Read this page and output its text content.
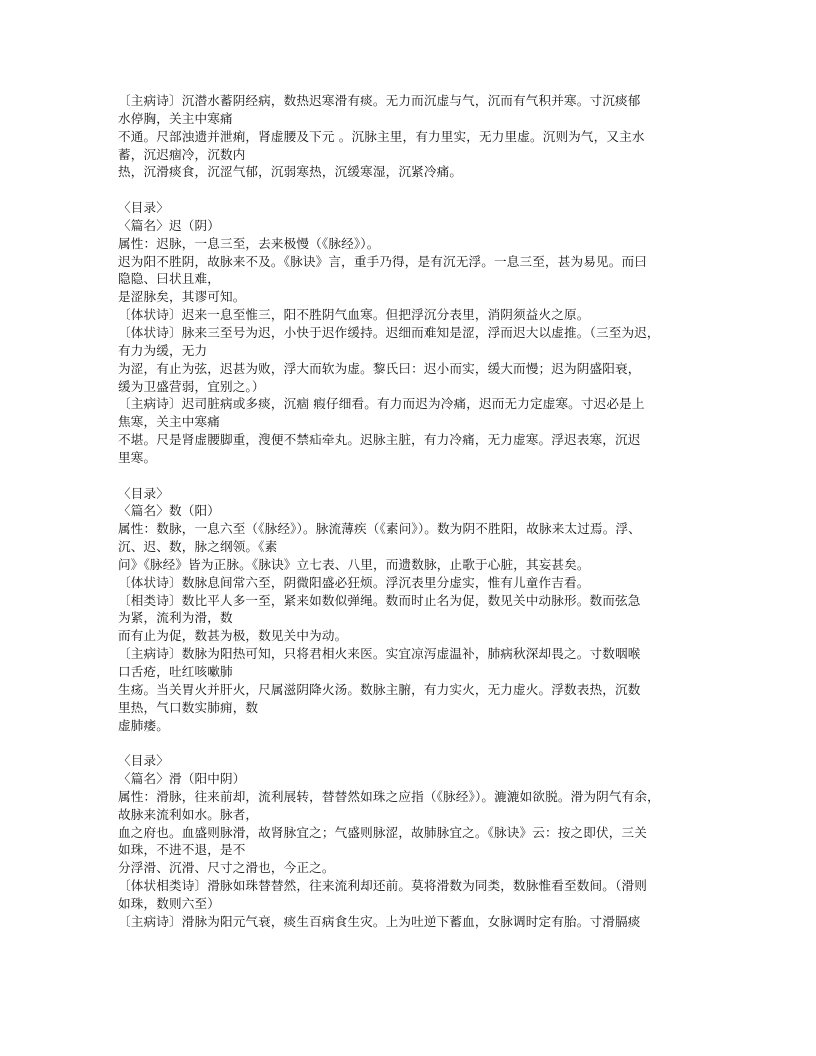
〔主病诗〕沉潜水蓄阴经病，数热迟寒滑有痰。无力而沉虚与气，沉而有气积并寒。寸沉痰郁
水停胸，关主中寒痛
不通。尺部浊遗并泄痢，肾虚腰及下元 。沉脉主里，有力里实，无力里虚。沉则为气，又主水
蓄，沉迟痼冷，沉数内
热，沉滑痰食，沉涩气郁，沉弱寒热，沉缓寒湿，沉紧冷痛。
〈目录〉
〈篇名〉迟（阴）
属性：迟脉，一息三至，去来极慢（《脉经》）。
迟为阳不胜阴，故脉来不及。《脉诀》言，重手乃得，是有沉无浮。一息三至，甚为易见。而曰
隐隐、曰状且难，
是涩脉矣，其谬可知。
〔体状诗〕迟来一息至惟三，阳不胜阴气血寒。但把浮沉分表里，消阴须益火之原。
〔体状诗〕脉来三至号为迟，小快于迟作缓持。迟细而难知是涩，浮而迟大以虚推。（三至为迟，
有力为缓，无力
为涩，有止为弦，迟甚为败，浮大而软为虚。黎氏曰：迟小而实，缓大而慢；迟为阴盛阳衰，
缓为卫盛营弱，宜别之。）
〔主病诗〕迟司脏病或多痰，沉痼 瘕仔细看。有力而迟为冷痛，迟而无力定虚寒。寸迟必是上
焦寒，关主中寒痛
不堪。尺是肾虚腰脚重，溲便不禁疝牵丸。迟脉主脏，有力冷痛，无力虚寒。浮迟表寒，沉迟
里寒。
〈目录〉
〈篇名〉数（阳）
属性：数脉，一息六至（《脉经》）。脉流薄疾（《素问》）。数为阴不胜阳，故脉来太过焉。浮、
沉、迟、数，脉之纲领。《素
问》《脉经》皆为正脉。《脉诀》立七表、八里，而遗数脉，止歌于心脏，其妄甚矣。
〔体状诗〕数脉息间常六至，阴微阳盛必狂烦。浮沉表里分虚实，惟有儿童作吉看。
〔相类诗〕数比平人多一至，紧来如数似弹绳。数而时止名为促，数见关中动脉形。数而弦急
为紧，流利为滑，数
而有止为促，数甚为极，数见关中为动。
〔主病诗〕数脉为阳热可知，只将君相火来医。实宜凉泻虚温补，肺病秋深却畏之。寸数咽喉
口舌疮，吐红咳嗽肺
生疡。当关胃火并肝火，尺属滋阴降火汤。数脉主腑，有力实火，无力虚火。浮数表热，沉数
里热，气口数实肺痈，数
虚肺痿。
〈目录〉
〈篇名〉滑（阳中阴）
属性：滑脉，往来前却，流利展转，替替然如珠之应指（《脉经》）。漉漉如欲脱。滑为阴气有余，
故脉来流利如水。脉者，
血之府也。血盛则脉滑，故肾脉宜之；气盛则脉涩，故肺脉宜之。《脉诀》云：按之即伏，三关
如珠，不进不退，是不
分浮滑、沉滑、尺寸之滑也，今正之。
〔体状相类诗〕滑脉如珠替替然，往来流利却还前。莫将滑数为同类，数脉惟看至数间。（滑则
如珠，数则六至）
〔主病诗〕滑脉为阳元气衰，痰生百病食生灾。上为吐逆下蓄血，女脉调时定有胎。寸滑膈痰
